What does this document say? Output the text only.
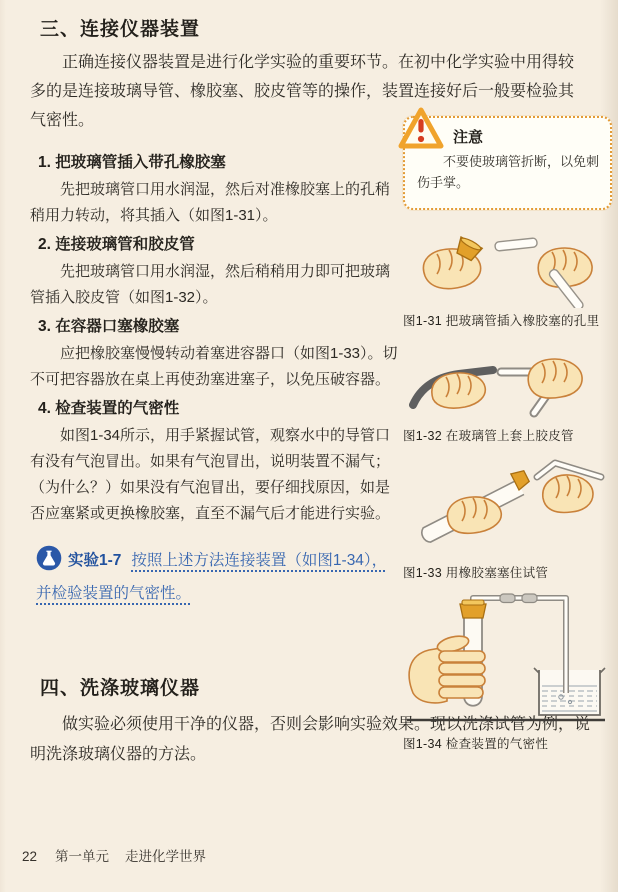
三、连接仪器装置

正确连接仪器装置是进行化学实验的重要环节。在初中化学实验中用得较多的是连接玻璃导管、橡胶塞、胶皮管等的操作，装置连接好后一般要检验其气密性。

1. 把玻璃管插入带孔橡胶塞

先把玻璃管口用水润湿，然后对准橡胶塞上的孔稍稍用力转动，将其插入（如图1-31）。

2. 连接玻璃管和胶皮管

先把玻璃管口用水润湿，然后稍稍用力即可把玻璃管插入胶皮管（如图1-32）。

3. 在容器口塞橡胶塞

应把橡胶塞慢慢转动着塞进容器口（如图1-33）。切不可把容器放在桌上再使劲塞进塞子，以免压破容器。

4. 检查装置的气密性

如图1-34所示，用手紧握试管，观察水中的导管口有没有气泡冒出。如果有气泡冒出，说明装置不漏气；（为什么？）如果没有气泡冒出，要仔细找原因，如是否应塞紧或更换橡胶塞，直至不漏气后才能进行实验。

实验1-7 按照上述方法连接装置（如图1-34），并检验装置的气密性。
四、洗涤玻璃仪器

做实验必须使用干净的仪器，否则会影响实验效果。现以洗涤试管为例，说明洗涤玻璃仪器的方法。

22 第一单元 走进化学世界
注意

不要使玻璃管折断，以免刺伤手掌。

图1-31 把玻璃管插入橡胶塞的孔里
图1-32 在玻璃管上套上胶皮管
图1-33 用橡胶塞塞住试管
图1-34 检查装置的气密性
